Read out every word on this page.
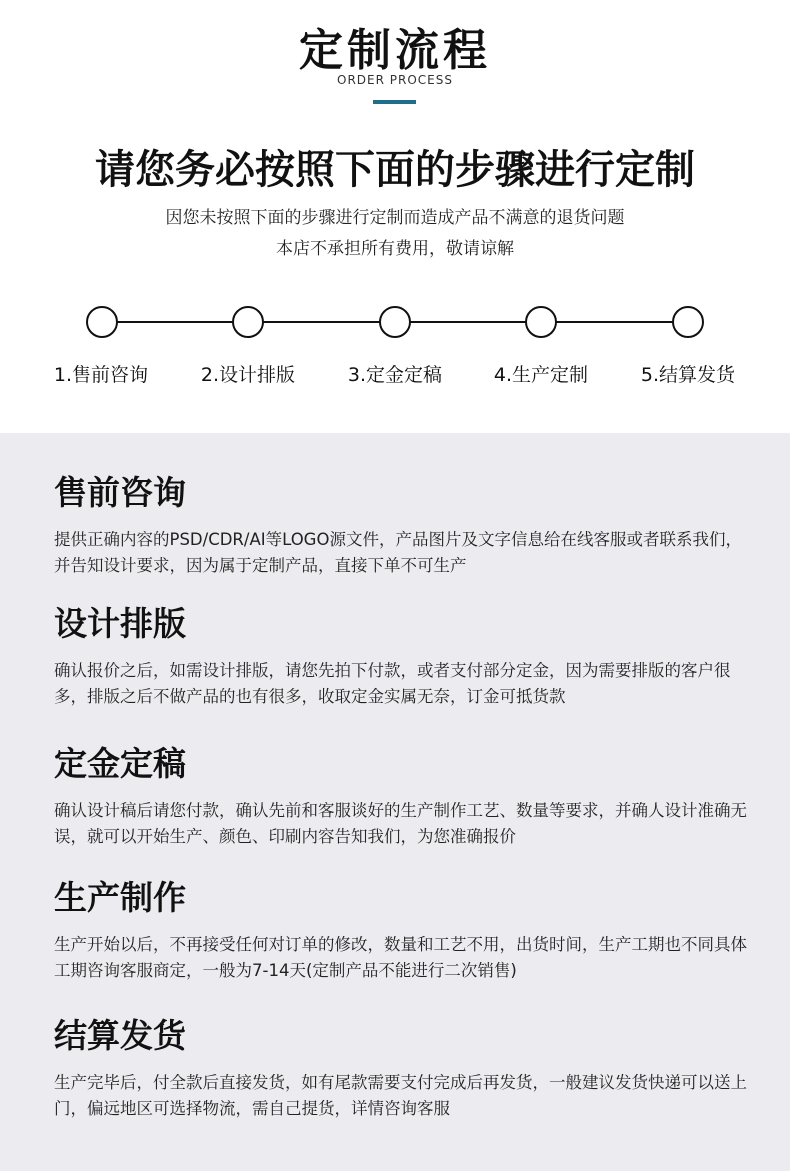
定制流程
ORDER PROCESS
请您务必按照下面的步骤进行定制
因您未按照下面的步骤进行定制而造成产品不满意的退货问题
本店不承担所有费用，敬请谅解
1.售前咨询	2.设计排版	3.定金定稿	4.生产定制	5.结算发货
售前咨询
提供正确内容的PSD/CDR/AI等LOGO源文件，产品图片及文字信息给在线客服或者联系我们，并告知设计要求，因为属于定制产品，直接下单不可生产
设计排版
确认报价之后，如需设计排版，请您先拍下付款，或者支付部分定金，因为需要排版的客户很多，排版之后不做产品的也有很多，收取定金实属无奈，订金可抵货款
定金定稿
确认设计稿后请您付款，确认先前和客服谈好的生产制作工艺、数量等要求，并确人设计准确无误，就可以开始生产、颜色、印刷内容告知我们，为您准确报价
生产制作
生产开始以后，不再接受任何对订单的修改，数量和工艺不用，出货时间，生产工期也不同具体工期咨询客服商定，一般为7-14天(定制产品不能进行二次销售)
结算发货
生产完毕后，付全款后直接发货，如有尾款需要支付完成后再发货，一般建议发货快递可以送上门，偏远地区可选择物流，需自己提货，详情咨询客服
